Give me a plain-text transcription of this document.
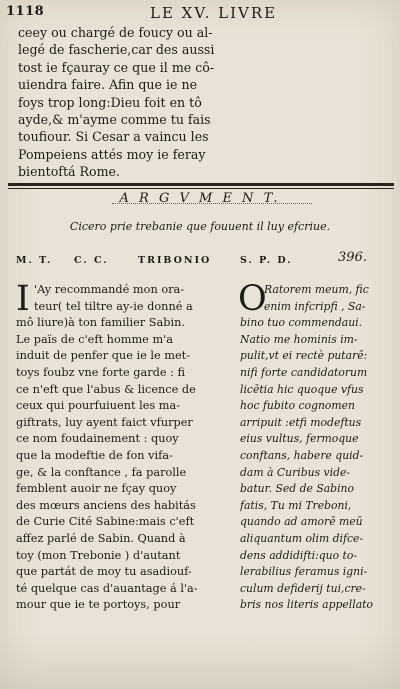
1118	LE XV. LIVRE
ceey ou chargé de foucy ou al-
legé de fascherie,car des aussi
tost ie fçauray ce que il me cô-
uiendra faire. Afin que ie ne
foys trop long:Dieu foit en tô
ayde,& m'ayme comme tu fais
toufiour. Si Cesar a vaincu les
Pompeiens attés moy ie feray
bientoftá Rome.
A R G V M E N T.
Cicero prie trebanie que fouuent il luy efcriue.
M. T. C. C.	TRIBONIO	S. P. D.	396.
I 'Ay recommandé mon ora-
teur( tel tiltre ay-ie donné a
mô liure)à ton familier Sabin.
Le païs de c'eft homme m'a
induit de penfer que ie le met-
toys foubz vne forte garde : fi
ce n'eft que l'abus & licence de
ceux qui pourfuiuent les ma-
giftrats, luy ayent faict vfurper
ce nom foudainement : quoy
que la modeftie de fon vifa-
ge, & la conftance , fa parolle
femblent auoir ne fçay quoy
des mœurs anciens des habitás
de Curie Cité Sabine:mais c'eft
affez parlé de Sabin. Quand à
toy (mon Trebonie ) d'autant
que partát de moy tu asadiouf-
té quelque cas d'auantage á l'a-
mour que ie te portoys, pour
O
Ratorem meum, fic
enim infcripfi , Sa-
bino tuo commendaui.
Natio me hominis im-
pulit,vt ei rectè putarē:
nifi forte candidatorum
licētia hic quoque vfus
hoc fubito cognomen
arripuit :etfi modeftus
eius vultus, fermoque
conftans, habere quid-
dam à Curibus vide-
batur. Sed de Sabino
fatis, Tu mi Treboni,
quando ad amorē meū
aliquantum olim difce-
dens addidifti:quo to-
lerabilius feramus igni-
culum defiderij tui,cre-
bris nos literis appellato
